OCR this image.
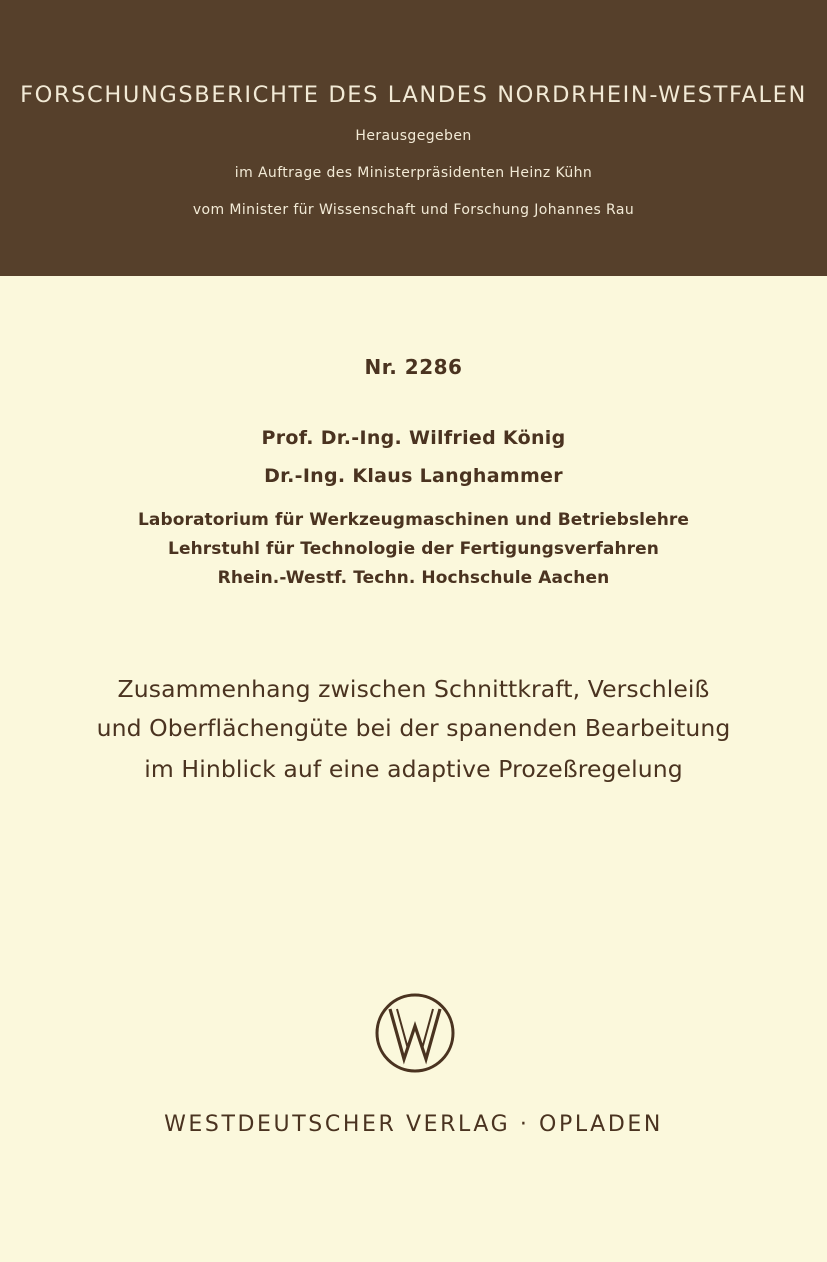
FORSCHUNGSBERICHTE DES LANDES NORDRHEIN-WESTFALEN
Herausgegeben
im Auftrage des Ministerpräsidenten Heinz Kühn
vom Minister für Wissenschaft und Forschung Johannes Rau
Nr. 2286
Prof. Dr.-Ing. Wilfried König
Dr.-Ing. Klaus Langhammer
Laboratorium für Werkzeugmaschinen und Betriebslehre
Lehrstuhl für Technologie der Fertigungsverfahren
Rhein.-Westf. Techn. Hochschule Aachen
Zusammenhang zwischen Schnittkraft, Verschleiß
und Oberflächengüte bei der spanenden Bearbeitung
im Hinblick auf eine adaptive Prozeßregelung
WESTDEUTSCHER VERLAG · OPLADEN
